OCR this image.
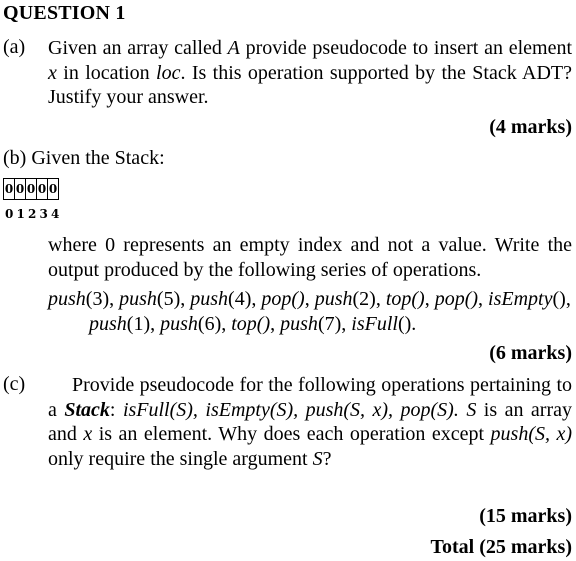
QUESTION 1
(a) Given an array called A provide pseudocode to insert an element x in location loc. Is this operation supported by the Stack ADT? Justify your answer.
(4 marks)
(b) Given the Stack:
0 0 0 0 0
0 1 2 3 4
where 0 represents an empty index and not a value. Write the output produced by the following series of operations.
push(3), push(5), push(4), pop(), push(2), top(), pop(), isEmpty(),
push(1), push(6), top(), push(7), isFull().
(6 marks)
(c)	Provide pseudocode for the following operations pertaining to a Stack: isFull(S), isEmpty(S), push(S, x), pop(S). S is an array and x is an element. Why does each operation except push(S, x) only require the single argument S?
(15 marks)
Total (25 marks)
